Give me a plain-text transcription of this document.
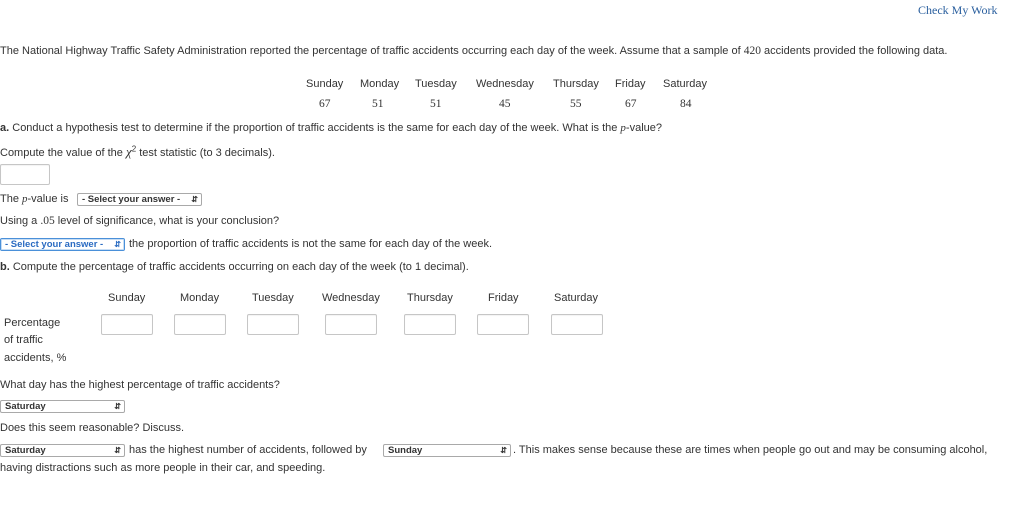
Check My Work
The National Highway Traffic Safety Administration reported the percentage of traffic accidents occurring each day of the week. Assume that a sample of 420 accidents provided the following data.
Sunday Monday Tuesday Wednesday Thursday Friday Saturday
67	51	51	45	55	67	84
a. Conduct a hypothesis test to determine if the proportion of traffic accidents is the same for each day of the week. What is the p-value?
Compute the value of the $\chi^2$ test statistic (to 3 decimals).
The p-value is	- Select your answer - ⇵
Using a .05 level of significance, what is your conclusion?
- Select your answer - ⇵ the proportion of traffic accidents is not the same for each day of the week.
b. Compute the percentage of traffic accidents occurring on each day of the week (to 1 decimal).
Sunday	Monday	Tuesday	Wednesday Thursday	Friday	Saturday
Percentage
of traffic
accidents, %
What day has the highest percentage of traffic accidents?
Saturday	⇵
Does this seem reasonable? Discuss.
Saturday	⇵ has the highest number of accidents, followed by	Sunday	⇵ . This makes sense because these are times when people go out and may be consuming alcohol,
having distractions such as more people in their car, and speeding.
